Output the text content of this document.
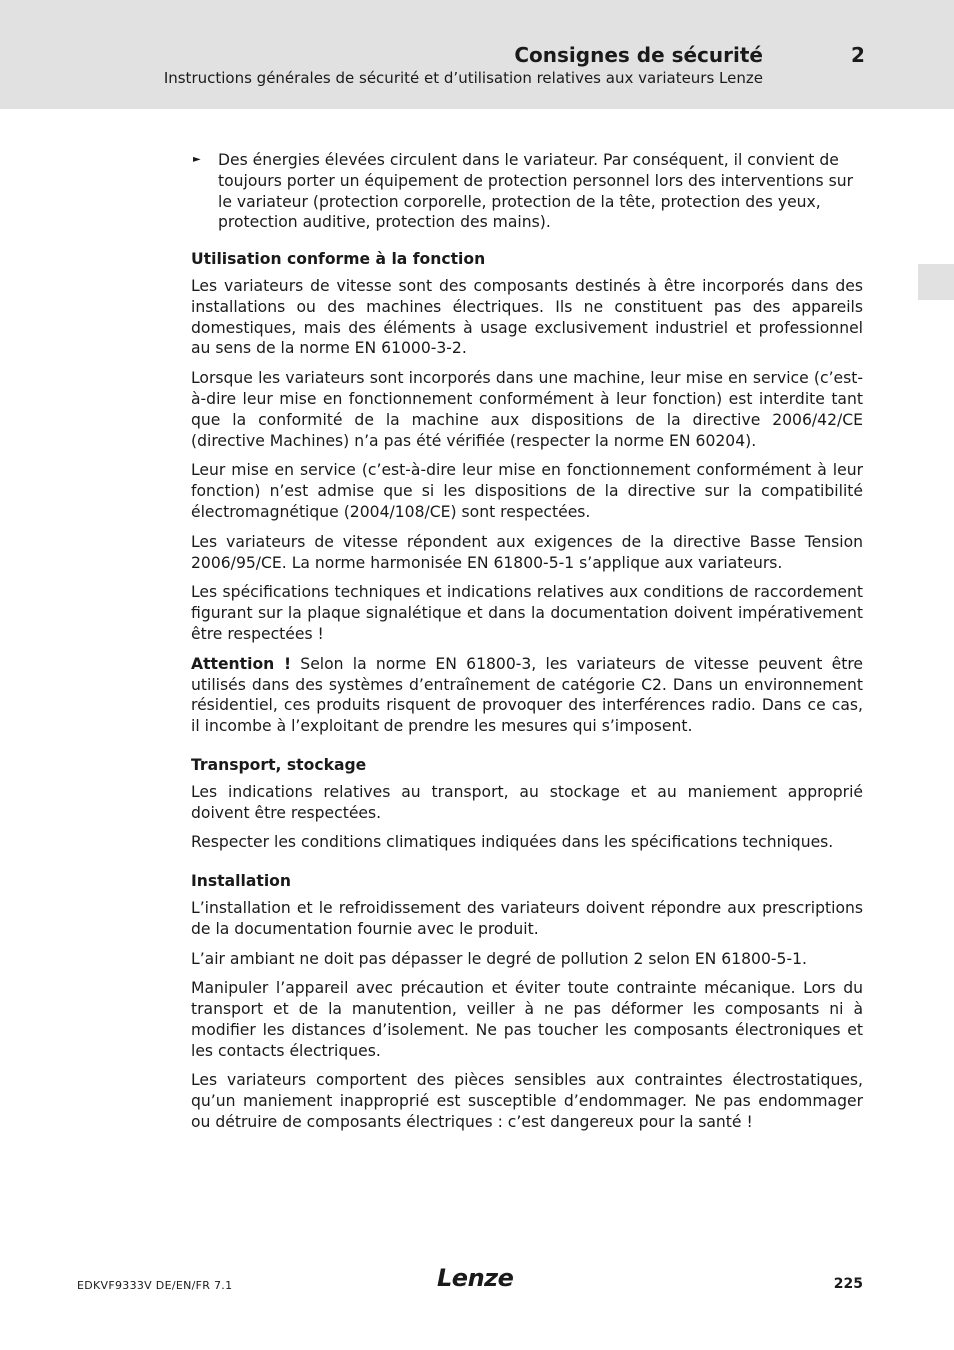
Consignes de sécurité	2
Instructions générales de sécurité et d’utilisation relatives aux variateurs Lenze
► Des énergies élevées circulent dans le variateur. Par conséquent, il convient de toujours porter un équipement de protection personnel lors des interventions sur le variateur (protection corporelle, protection de la tête, protection des yeux, protection auditive, protection des mains).
Utilisation conforme à la fonction

Les variateurs de vitesse sont des composants destinés à être incorporés dans des installations ou des machines électriques. Ils ne constituent pas des appareils domestiques, mais des éléments à usage exclusivement industriel et professionnel au sens de la norme EN 61000-3-2.

Lorsque les variateurs sont incorporés dans une machine, leur mise en service (c’est-à-dire leur mise en fonctionnement conformément à leur fonction) est interdite tant que la conformité de la machine aux dispositions de la directive 2006/42/CE (directive Machines) n’a pas été vérifiée (respecter la norme EN 60204).

Leur mise en service (c’est-à-dire leur mise en fonctionnement conformément à leur fonction) n’est admise que si les dispositions de la directive sur la compatibilité électromagnétique (2004/108/CE) sont respectées.

Les variateurs de vitesse répondent aux exigences de la directive Basse Tension 2006/95/CE. La norme harmonisée EN 61800-5-1 s’applique aux variateurs.

Les spécifications techniques et indications relatives aux conditions de raccordement figurant sur la plaque signalétique et dans la documentation doivent impérativement être respectées !

Attention ! Selon la norme EN 61800-3, les variateurs de vitesse peuvent être utilisés dans des systèmes d’entraînement de catégorie C2. Dans un environnement résidentiel, ces produits risquent de provoquer des interférences radio. Dans ce cas, il incombe à l’exploitant de prendre les mesures qui s’imposent.

Transport, stockage

Les indications relatives au transport, au stockage et au maniement approprié doivent être respectées.

Respecter les conditions climatiques indiquées dans les spécifications techniques.

Installation

L’installation et le refroidissement des variateurs doivent répondre aux prescriptions de la documentation fournie avec le produit.

L’air ambiant ne doit pas dépasser le degré de pollution 2 selon EN 61800-5-1.

Manipuler l’appareil avec précaution et éviter toute contrainte mécanique. Lors du transport et de la manutention, veiller à ne pas déformer les composants ni à modifier les distances d’isolement. Ne pas toucher les composants électroniques et les contacts électriques.

Les variateurs comportent des pièces sensibles aux contraintes électrostatiques, qu’un maniement inapproprié est susceptible d’endommager. Ne pas endommager ou détruire de composants électriques : c’est dangereux pour la santé !

EDKVF9333V DE/EN/FR 7.1	Lenze	225
